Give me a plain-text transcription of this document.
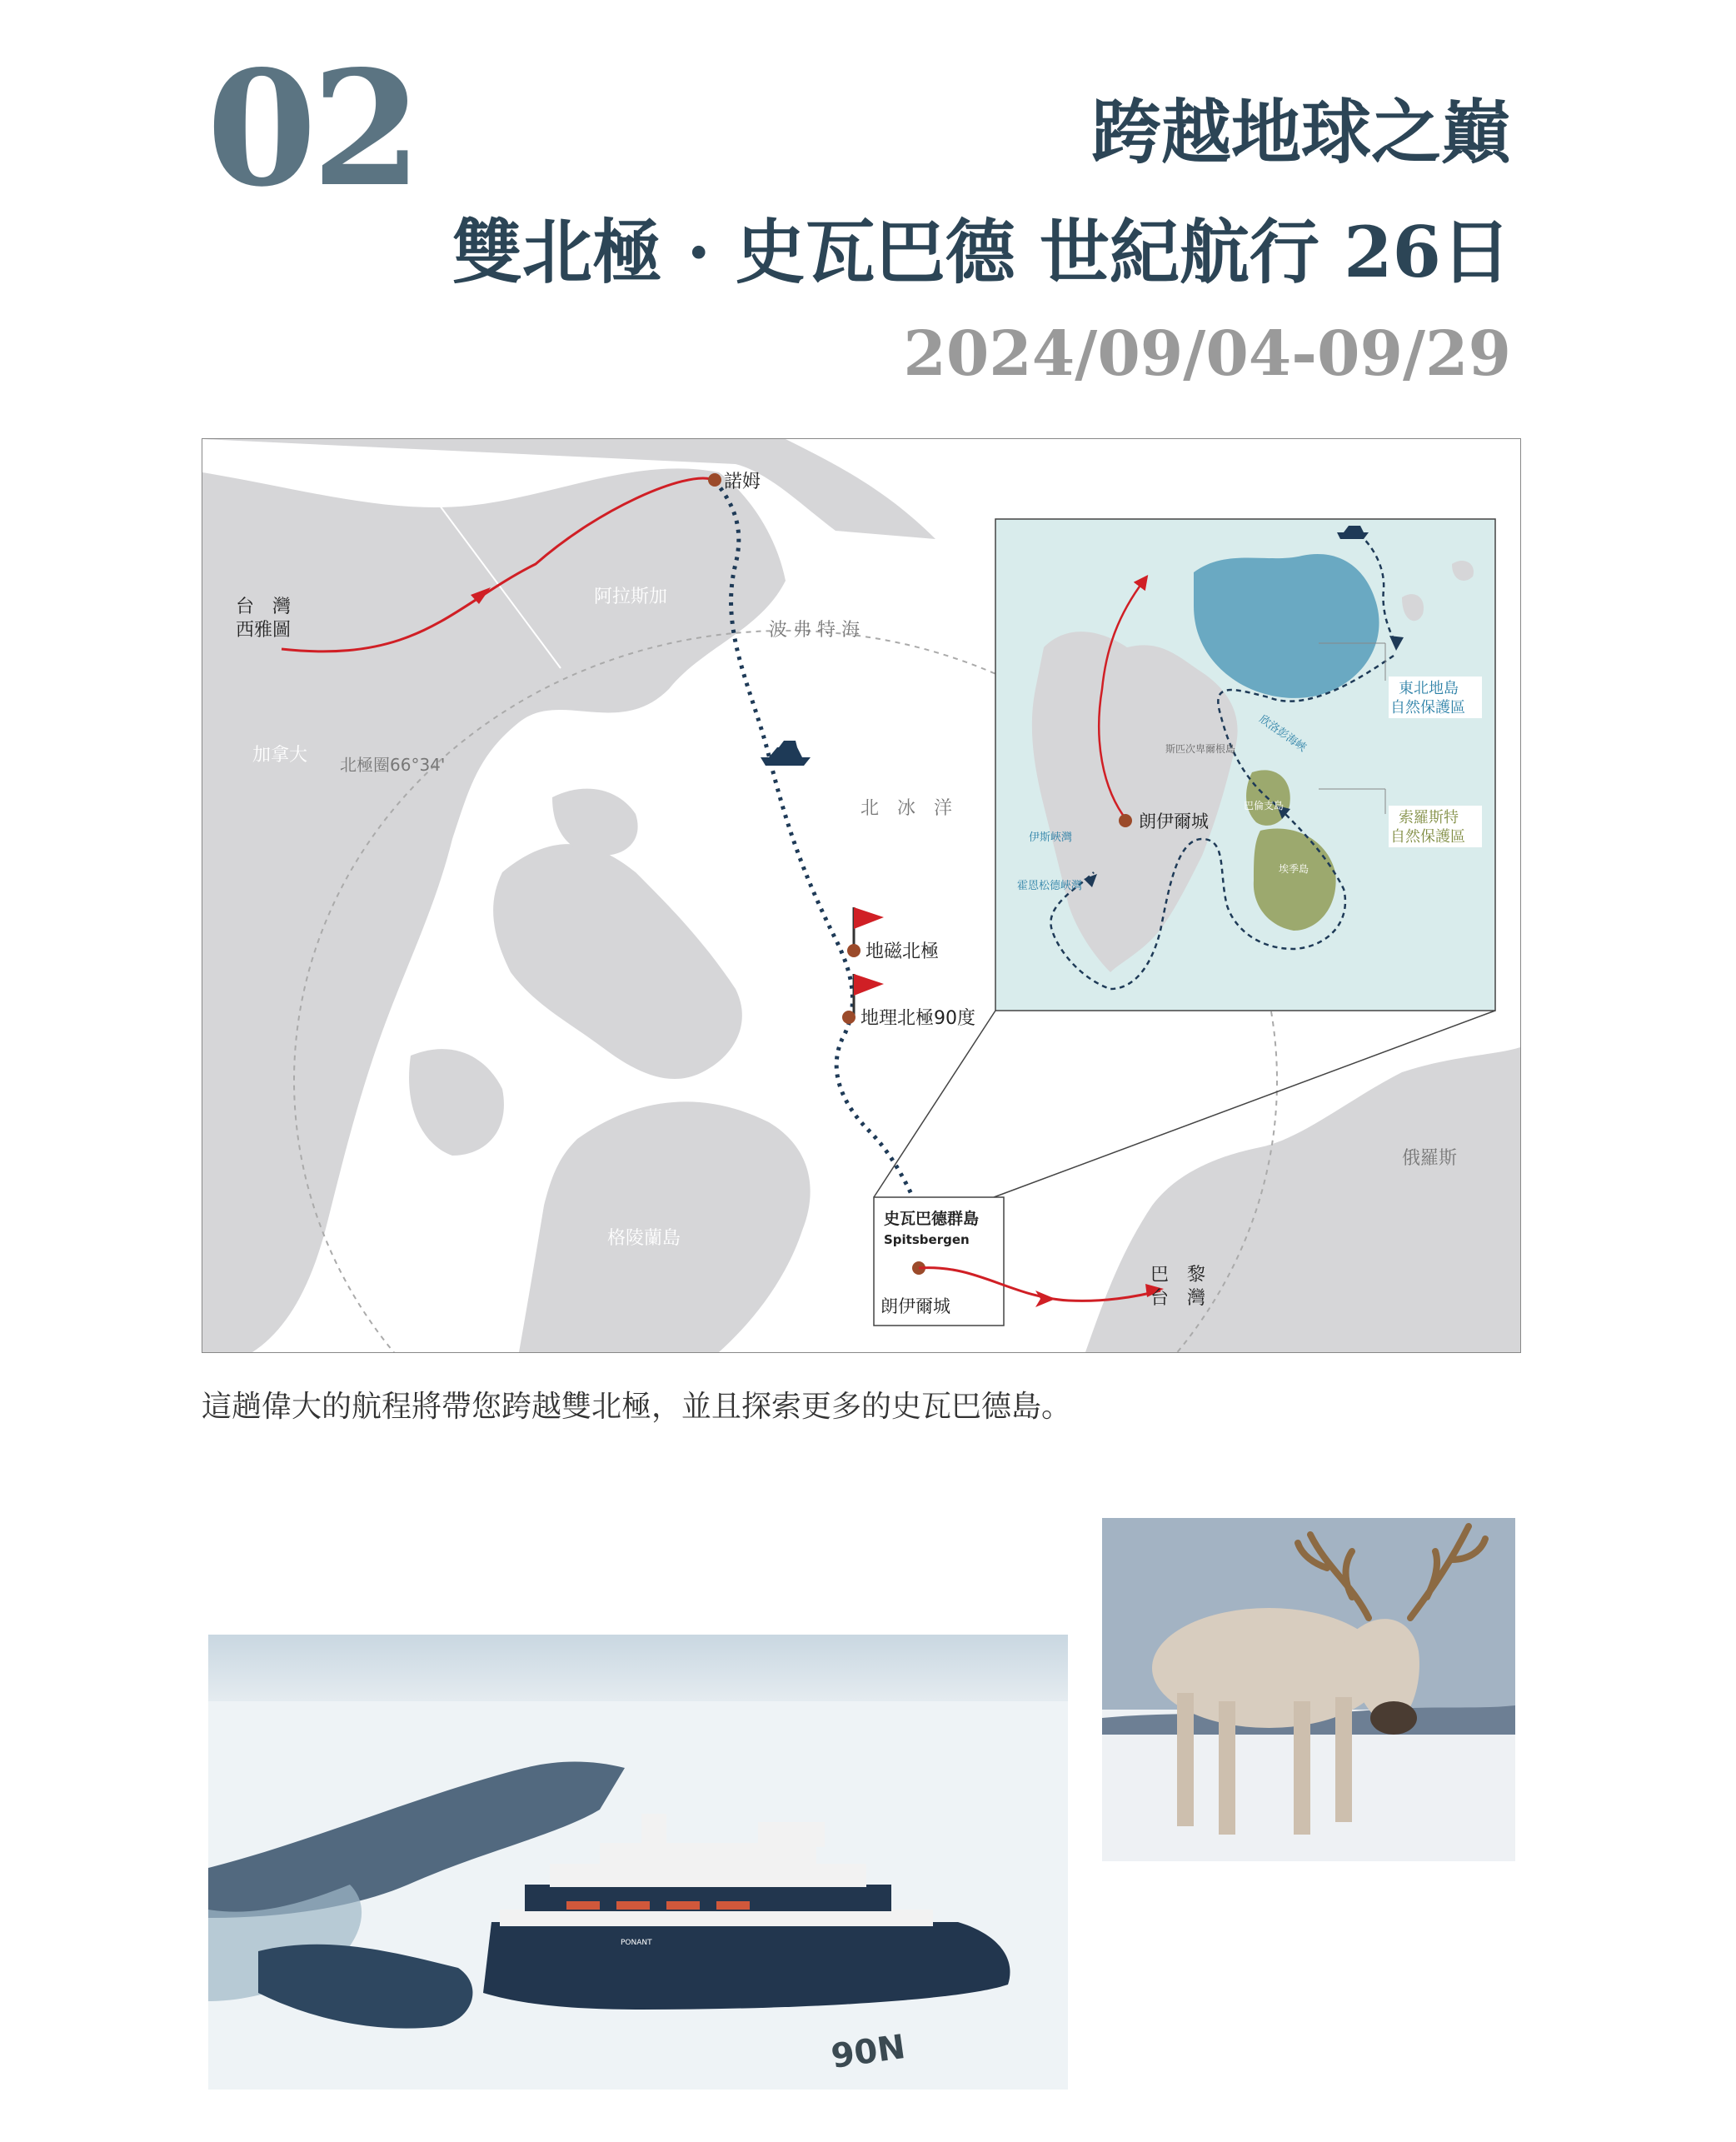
02	跨越地球之巔
雙北極 · 史瓦巴德 世紀航行 26日
2024/09/04-09/29
諾姆
台　灣
西雅圖
阿拉斯加
波 弗 特 海
加拿大 北極圈66°34'
北　冰　洋
地磁北極
地理北極90度
格陵蘭島
俄羅斯
史瓦巴德群島
Spitsbergen
朗伊爾城
巴　黎
台　灣
朗伊爾城
東北地島
自然保護區
索羅斯特
自然保護區
欣洛彭海峽
斯匹次卑爾根島
伊斯峽灣
霍恩松德峽灣
巴倫支島
埃季島
這趟偉大的航程將帶您跨越雙北極，並且探索更多的史瓦巴德島。
PONANT
90N
